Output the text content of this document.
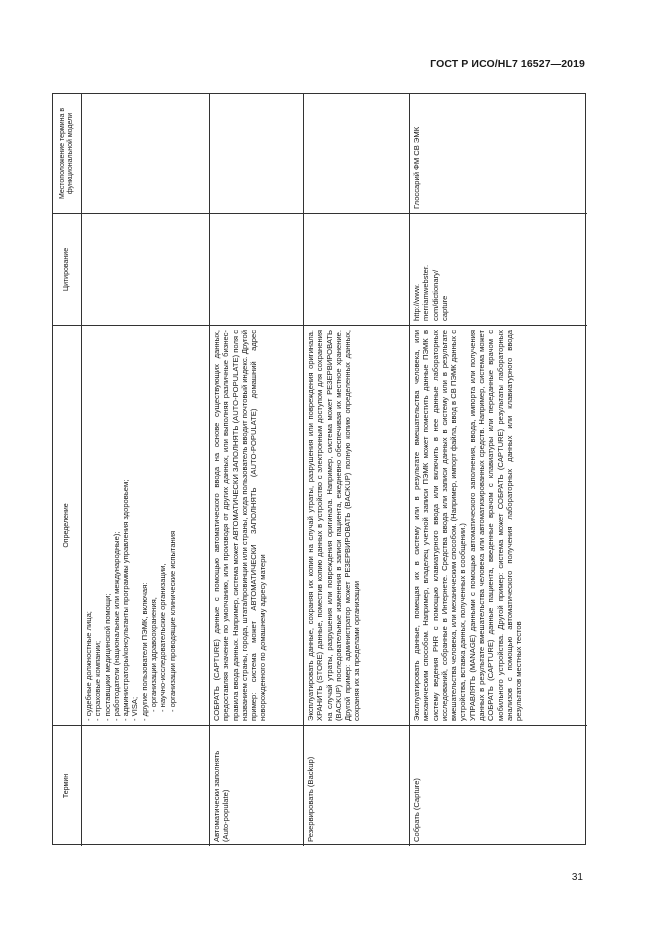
ГОСТ Р ИСО/HL7 16527—2019
Термин
Определение
Цитирование
Местоположение термина в функциональной модели
- судебные должностные лица; - страховые компании; - поставщики медицинской помощи; - работодатели (национальные или международные); - администраторы/консультанты программы управления здоровьем; - VISA; - другие пользователи ПЭМК, включая: - организации здравоохранения, - научно-исследовательские организации, - организации проводящие клинические испытания
Автоматически заполнять (Auto-populate)
СОБРАТЬ (CAPTURE) данные с помощью автоматического ввода на основе существующих данных, предоставляя значение по умолчанию, или производя от других данных, или выполняя различные бизнес-правила ввода данных. Например, система может АВТОМАТИЧЕСКИ ЗАПОЛНЯТЬ (AUTO-POPULATE) поля с названием страны, города, штата/провинции или страны, когда пользователь вводит почтовый индекс. Другой пример: система может АВТОМАТИЧЕСКИ ЗАПОЛНЯТЬ (AUTO-POPULATE) домашний адрес новорожденного по домашнему адресу матери
Резервировать (Backup)
Эксплуатировать данные, сохраняя их копии на случай утраты, разрушения или повреждения оригинала. ХРАНИТЬ (STORE) данные, поместив копию данных в устройство с электронным доступом для сохранения на случай утраты, разрушения или повреждения оригинала. Например, система может РЕЗЕРВИРОВАТЬ (BACKUP) последовательные изменения в записи пациента, ежедневно обеспечивая их местное хранение. Другой пример: администратор может РЕЗЕРВИРОВАТЬ (BACKUP) полную копию определенных данных, сохраняя их за пределами организации
Собрать (Capture)
Эксплуатировать данные, помещая их в систему или в результате вмешательства человека, или механическим способом. Например, владелец учетной записи ПЭМК может поместить данные ПЭМК в систему ведения PHR с помощью клавиатурного ввода или включить в нее данные лабораторных исследований, собранные в Интернете. Средства ввода или записи данных в систему или в результате вмешательства человека, или механическим способом. (Например, импорт файла, ввод в СВ ПЭМК данных с устройства, вставка данных, полученных в сообщении.) УПРАВЛЯТЬ (MANAGE) данными с помощью автоматического заполнения, ввода, импорта или получения данных в результате вмешательства человека или автоматизированных средств. Например, система может СОБРАТЬ (CAPTURE) данные пациента, введенные врачом с клавиатуры или переданные врачом с мобильного устройства. Другой пример: система может СОБРАТЬ (CAPTURE) результаты лабораторных анализов с помощью автоматического получения лабораторных данных или клавиатурного ввода результатов местных тестов
http://www. merriamwebster. com/dictionary/ capture
Глоссарий ФМ СВ ЭМК
31
